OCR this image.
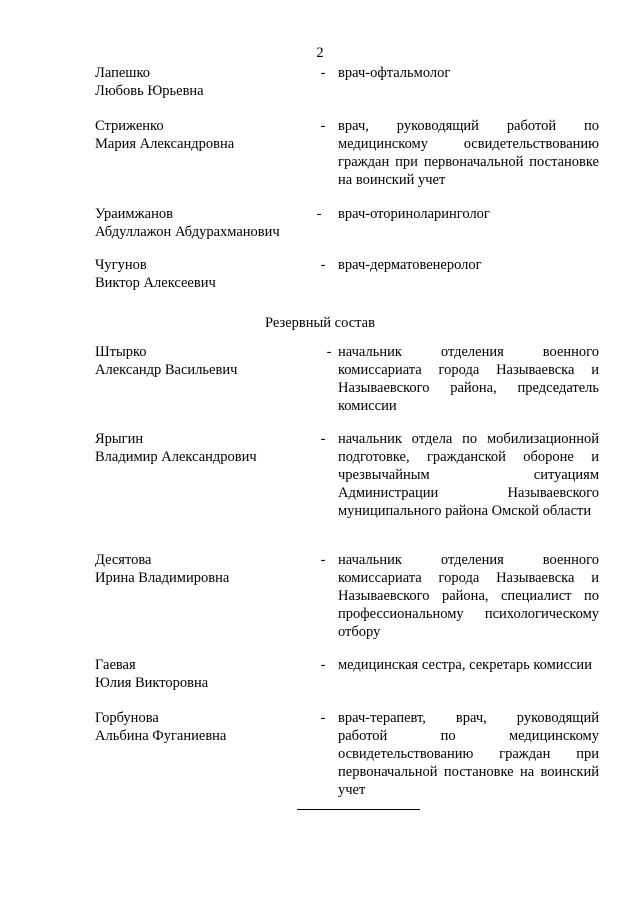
2
Лапешко
Любовь Юрьевна
- врач-офтальмолог
Стриженко
Мария Александровна
- врач, руководящий работой по медицинскому освидетельствованию граждан при первоначальной постановке на воинский учет
Ураимжанов
Абдуллажон Абдурахманович
- врач-оториноларинголог
Чугунов
Виктор Алексеевич
- врач-дерматовенеролог
Резервный состав
Штырко
Александр Васильевич
- начальник отделения военного комиссариата города Называевска и Называевского района, председатель комиссии
Ярыгин
Владимир Александрович
- начальник отдела по мобилизационной подготовке, гражданской обороне и чрезвычайным ситуациям Администрации Называевского муниципального района Омской области
Десятова
Ирина Владимировна
- начальник отделения военного комиссариата города Называевска и Называевского района, специалист по профессиональному психологическому отбору
Гаевая
Юлия Викторовна
- медицинская сестра, секретарь комиссии
Горбунова
Альбина Фуганиевна
- врач-терапевт, врач, руководящий работой по медицинскому освидетельствованию граждан при первоначальной постановке на воинский учет
